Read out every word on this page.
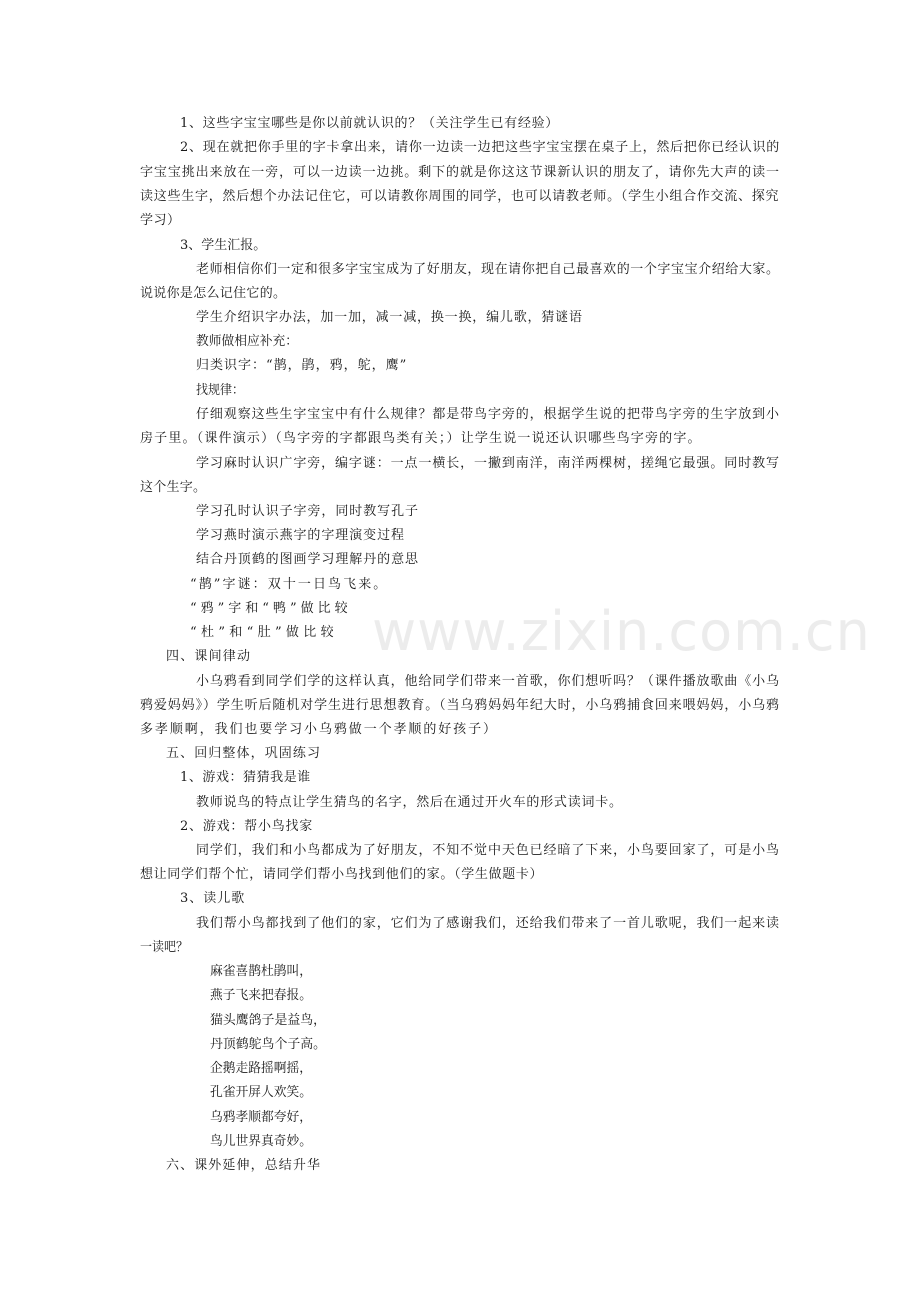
1、这些字宝宝哪些是你以前就认识的？（关注学生已有经验）
2、现在就把你手里的字卡拿出来，请你一边读一边把这些字宝宝摆在桌子上，然后把你已经认识的
字宝宝挑出来放在一旁，可以一边读一边挑。剩下的就是你这这节课新认识的朋友了，请你先大声的读一
读这些生字，然后想个办法记住它，可以请教你周围的同学，也可以请教老师。（学生小组合作交流、探究
学习）
3、学生汇报。
老师相信你们一定和很多字宝宝成为了好朋友，现在请你把自己最喜欢的一个字宝宝介绍给大家。
说说你是怎么记住它的。
学生介绍识字办法，加一加，减一减，换一换，编儿歌，猜谜语
教师做相应补充：
归类识字：“鹊，鹃，鸦，鸵，鹰”
找规律：
仔细观察这些生字宝宝中有什么规律？都是带鸟字旁的，根据学生说的把带鸟字旁的生字放到小
房子里。（课件演示）（鸟字旁的字都跟鸟类有关；）让学生说一说还认识哪些鸟字旁的字。
学习麻时认识广字旁，编字谜：一点一横长，一撇到南洋，南洋两棵树，搓绳它最强。同时教写
这个生字。
学习孔时认识子字旁，同时教写孔子
学习燕时演示燕字的字理演变过程
结合丹顶鹤的图画学习理解丹的意思
“鹊”字谜：双十一日鸟飞来。
“鸦”字和“鸭”做比较
“杜”和“肚”做比较
四、课间律动
小乌鸦看到同学们学的这样认真，他给同学们带来一首歌，你们想听吗？（课件播放歌曲《小乌
鸦爱妈妈》）学生听后随机对学生进行思想教育。（当乌鸦妈妈年纪大时，小乌鸦捕食回来喂妈妈，小乌鸦
多孝顺啊，我们也要学习小乌鸦做一个孝顺的好孩子）
五、回归整体，巩固练习
1、游戏：猜猜我是谁
教师说鸟的特点让学生猜鸟的名字，然后在通过开火车的形式读词卡。
2、游戏：帮小鸟找家
同学们，我们和小鸟都成为了好朋友，不知不觉中天色已经暗了下来，小鸟要回家了，可是小鸟
想让同学们帮个忙，请同学们帮小鸟找到他们的家。（学生做题卡）
3、读儿歌
我们帮小鸟都找到了他们的家，它们为了感谢我们，还给我们带来了一首儿歌呢，我们一起来读
一读吧？
麻雀喜鹊杜鹃叫，
燕子飞来把春报。
猫头鹰鸽子是益鸟，
丹顶鹤鸵鸟个子高。
企鹅走路摇啊摇，
孔雀开屏人欢笑。
乌鸦孝顺都夸好，
鸟儿世界真奇妙。
六、课外延伸，总结升华
www.zixin.com.cn
